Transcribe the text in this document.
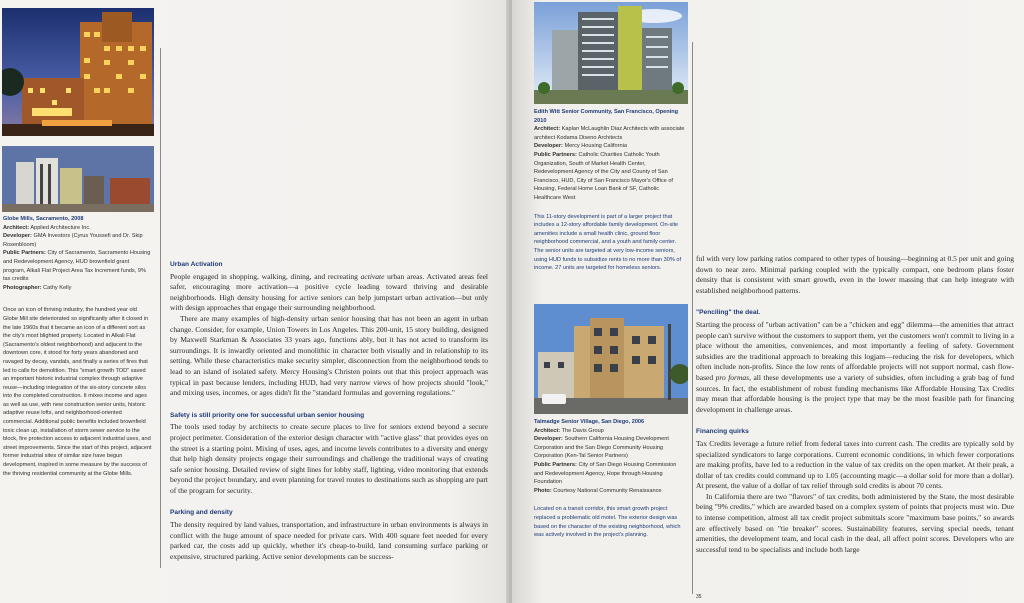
Globe Mills, Sacramento, 2008
Architect: Applied Architecture Inc.
Developer: GMA Investors (Cyrus Youssefi and Dr. Skip Rosenbloom)
Public Partners: City of Sacramento, Sacramento Housing and Redevelopment Agency, HUD brownfield grant program, Alkali Flat Project Area Tax Increment funds, 9% tax credits
Photographer: Cathy Kelly
Once an icon of thriving industry, the hundred year old Globe Mill site deteriorated so significantly after it closed in the late 1960s that it became an icon of a different sort as the city's most blighted property. Located in Alkali Flat (Sacramento's oldest neighborhood) and adjacent to the downtown core, it stood for forty years abandoned and ravaged by decay, vandals, and finally a series of fires that led to calls for demolition. This "smart growth TOD" saved an important historic industrial complex through adaptive reuse—including integration of the six-story concrete silos into the completed construction. It mixes income and ages as well as use, with new construction senior units, historic adaptive reuse lofts, and neighborhood-oriented commercial. Additional public benefits included brownfield toxic clean up, installation of storm sewer service to the block, fire protection access to adjacent industrial uses, and street improvements. Since the start of this project, adjacent former industrial sites of similar size have begun development, inspired in some measure by the success of the thriving residential community at the Globe Mills.
Urban Activation

People engaged in shopping, walking, dining, and recreating activate urban areas. Activated areas feel safer, encouraging more activation—a positive cycle leading toward thriving and desirable neighborhoods. High density housing for active seniors can help jumpstart urban activation—but only with design approaches that engage their surrounding neighborhood.

There are many examples of high-density urban senior housing that has not been an agent in urban change. Consider, for example, Union Towers in Los Angeles. This 200-unit, 15 story building, designed by Maxwell Starkman & Associates 33 years ago, functions ably, but it has not acted to transform its surroundings. It is inwardly oriented and monolithic in character both visually and in relationship to its setting. While these characteristics make security simpler, disconnection from the neighborhood tends to lead to an island of isolated safety. Mercy Housing's Christen points out that this project approach was typical in past because lenders, including HUD, had very narrow views of how projects should "look," and mixing uses, incomes, or ages didn't fit the "standard formulas and governing regulations."

Safety is still priority one for successful urban senior housing

The tools used today by architects to create secure places to live for seniors extend beyond a secure project perimeter. Consideration of the exterior design character with "active glass" that provides eyes on the street is a starting point. Mixing of uses, ages, and income levels contributes to a diversity and energy that help high density projects engage their surroundings and challenge the traditional ways of creating safe senior housing. Detailed review of sight lines for lobby staff, lighting, video monitoring that extends beyond the project boundary, and even planning for travel routes to destinations such as shopping are part of the program for security.

Parking and density

The density required by land values, transportation, and infrastructure in urban environments is always in conflict with the huge amount of space needed for private cars. With 400 square feet needed for every parked car, the costs add up quickly, whether it's cheap-to-build, land consuming surface parking or expensive, structured parking. Active senior developments can be success-

Edith Witt Senior Community, San Francisco, Opening 2010
Architect: Kaplan McLaughlin Diaz Architects with associate architect Kodama Diseno Architects
Developer: Mercy Housing California
Public Partners: Catholic Charities Catholic Youth Organization, South of Market Health Center, Redevelopment Agency of the City and County of San Francisco, HUD, City of San Francisco Mayor's Office of Housing, Federal Home Loan Bank of SF, Catholic Healthcare West
This 11-story development is part of a larger project that includes a 12-story affordable family development. On-site amenities include a small health clinic, ground floor neighborhood commercial, and a youth and family center. The senior units are targeted at very low-income seniors, using HUD funds to subsidize rents to no more than 30% of income. 27 units are targeted for homeless seniors.
Talmadge Senior Village, San Diego, 2006
Architect: The Davis Group
Developer: Southern California Housing Development Corporation and the San Diego Community Housing Corporation (Ken-Tal Senior Partners)
Public Partners: City of San Diego Housing Commission and Redevelopment Agency, Hope through Housing Foundation
Photo: Courtesy National Community Renaissance
Located on a transit corridor, this smart growth project replaced a problematic old motel. The exterior design was based on the character of the existing neighborhood, which was actively involved in the project's planning.

ful with very low parking ratios compared to other types of housing—beginning at 0.5 per unit and going down to near zero. Minimal parking coupled with the typically compact, one bedroom plans foster density that is consistent with smart growth, even in the lower massing that can help integrate with established neighborhood patterns.

"Penciling" the deal.

Starting the process of "urban activation" can be a "chicken and egg" dilemma—the amenities that attract people can't survive without the customers to support them, yet the customers won't commit to living in a place without the amenities, conveniences, and most importantly a feeling of safety. Government subsidies are the traditional approach to breaking this logjam—reducing the risk for developers, which often include non-profits. Since the low rents of affordable projects will not support normal, cash flow-based pro formas, all these developments use a variety of subsidies, often including a grab bag of fund sources. In fact, the establishment of robust funding mechanisms like Affordable Housing Tax Credits may mean that affordable housing is the project type that may be the most feasible path for financing development in challenge areas.

Financing quirks

Tax Credits leverage a future relief from federal taxes into current cash. The credits are typically sold by specialized syndicators to large corporations. Current economic conditions, in which fewer corporations are making profits, have led to a reduction in the value of tax credits on the open market. At their peak, a dollar of tax credits could command up to 1.05 (accounting magic—a dollar sold for more than a dollar). At present, the value of a dollar of tax relief through sold credits is about 70 cents.

In California there are two "flavors" of tax credits, both administered by the State, the most desirable being "9% credits," which are awarded based on a complex system of points that projects must win. Due to intense competition, almost all tax credit project submittals score "maximum base points," so awards are effectively based on "tie breaker" scores. Sustainability features, serving special needs, tenant amenities, the development team, and local cash in the deal, all affect point scores. Developers who are successful tend to be specialists and include both large

35
